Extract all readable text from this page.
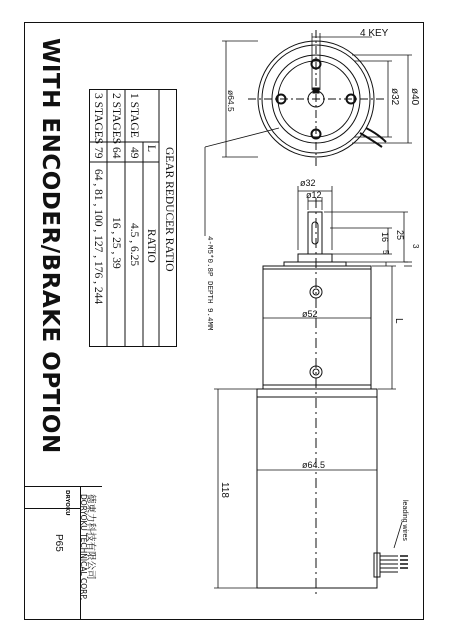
WITH ENCODER/BRAKE OPTION	GEAR REDUCER RATIO
L
RATIO
1 STAGE
49
4.5 , 6.25
2 STAGES
64
16 , 25 , 39
3 STAGES
79
64 , 81 , 100 , 127 , 176 , 244
4 KEY
ø64.5	ø32 ø40
4-M5*0.8P DEPTH 9.4MM
ø32
ø12
25
16
5
3
ø52
L
ø64.5
118
leading wires
德東力科技有限公司
DORYOKU TECHNICAL CORP.
DRYOKU
P65
